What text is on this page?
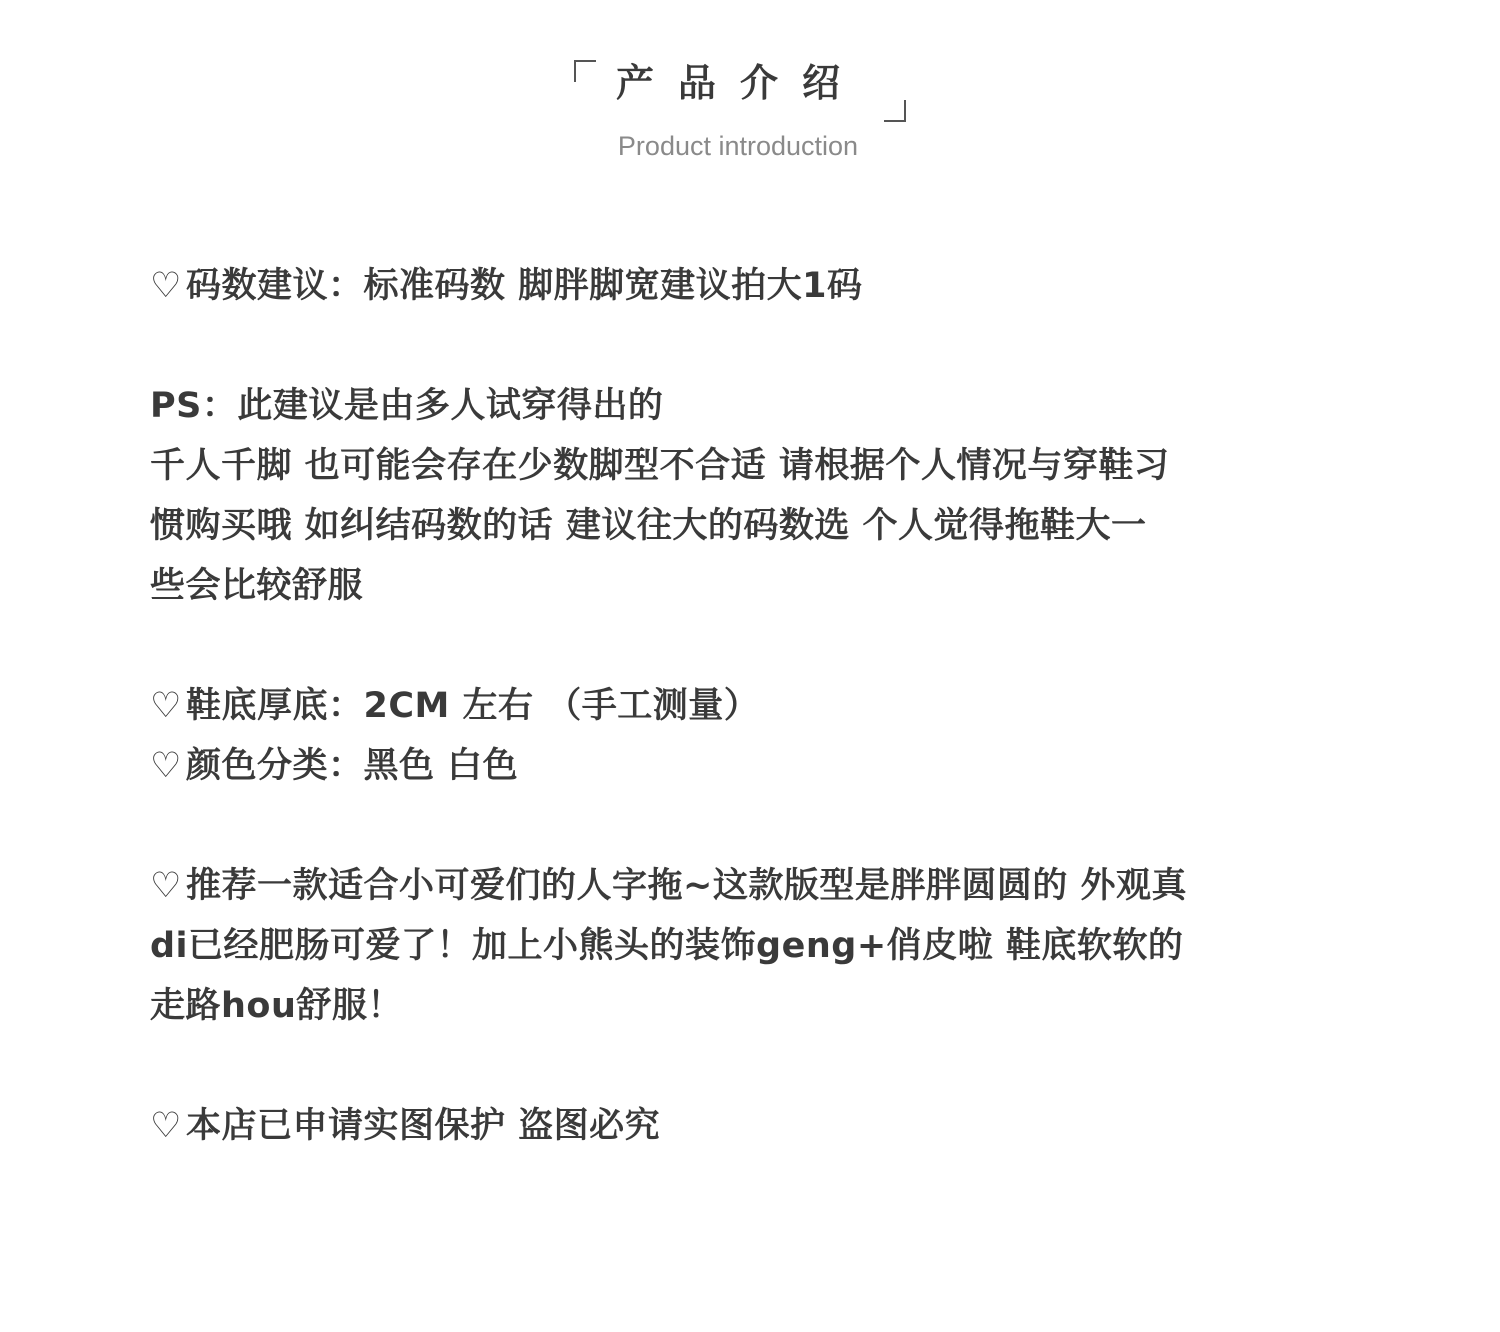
产品介绍
Product introduction
♡ 码数建议：标准码数 脚胖脚宽建议拍大1码
PS：此建议是由多人试穿得出的
千人千脚 也可能会存在少数脚型不合适 请根据个人情况与穿鞋习
惯购买哦 如纠结码数的话 建议往大的码数选 个人觉得拖鞋大一
些会比较舒服
♡ 鞋底厚底：2CM 左右 （手工测量）
♡ 颜色分类：黑色 白色
♡ 推荐一款适合小可爱们的人字拖~这款版型是胖胖圆圆的 外观真
di已经肥肠可爱了！加上小熊头的装饰geng+俏皮啦 鞋底软软的
走路hou舒服！
♡ 本店已申请实图保护 盗图必究
